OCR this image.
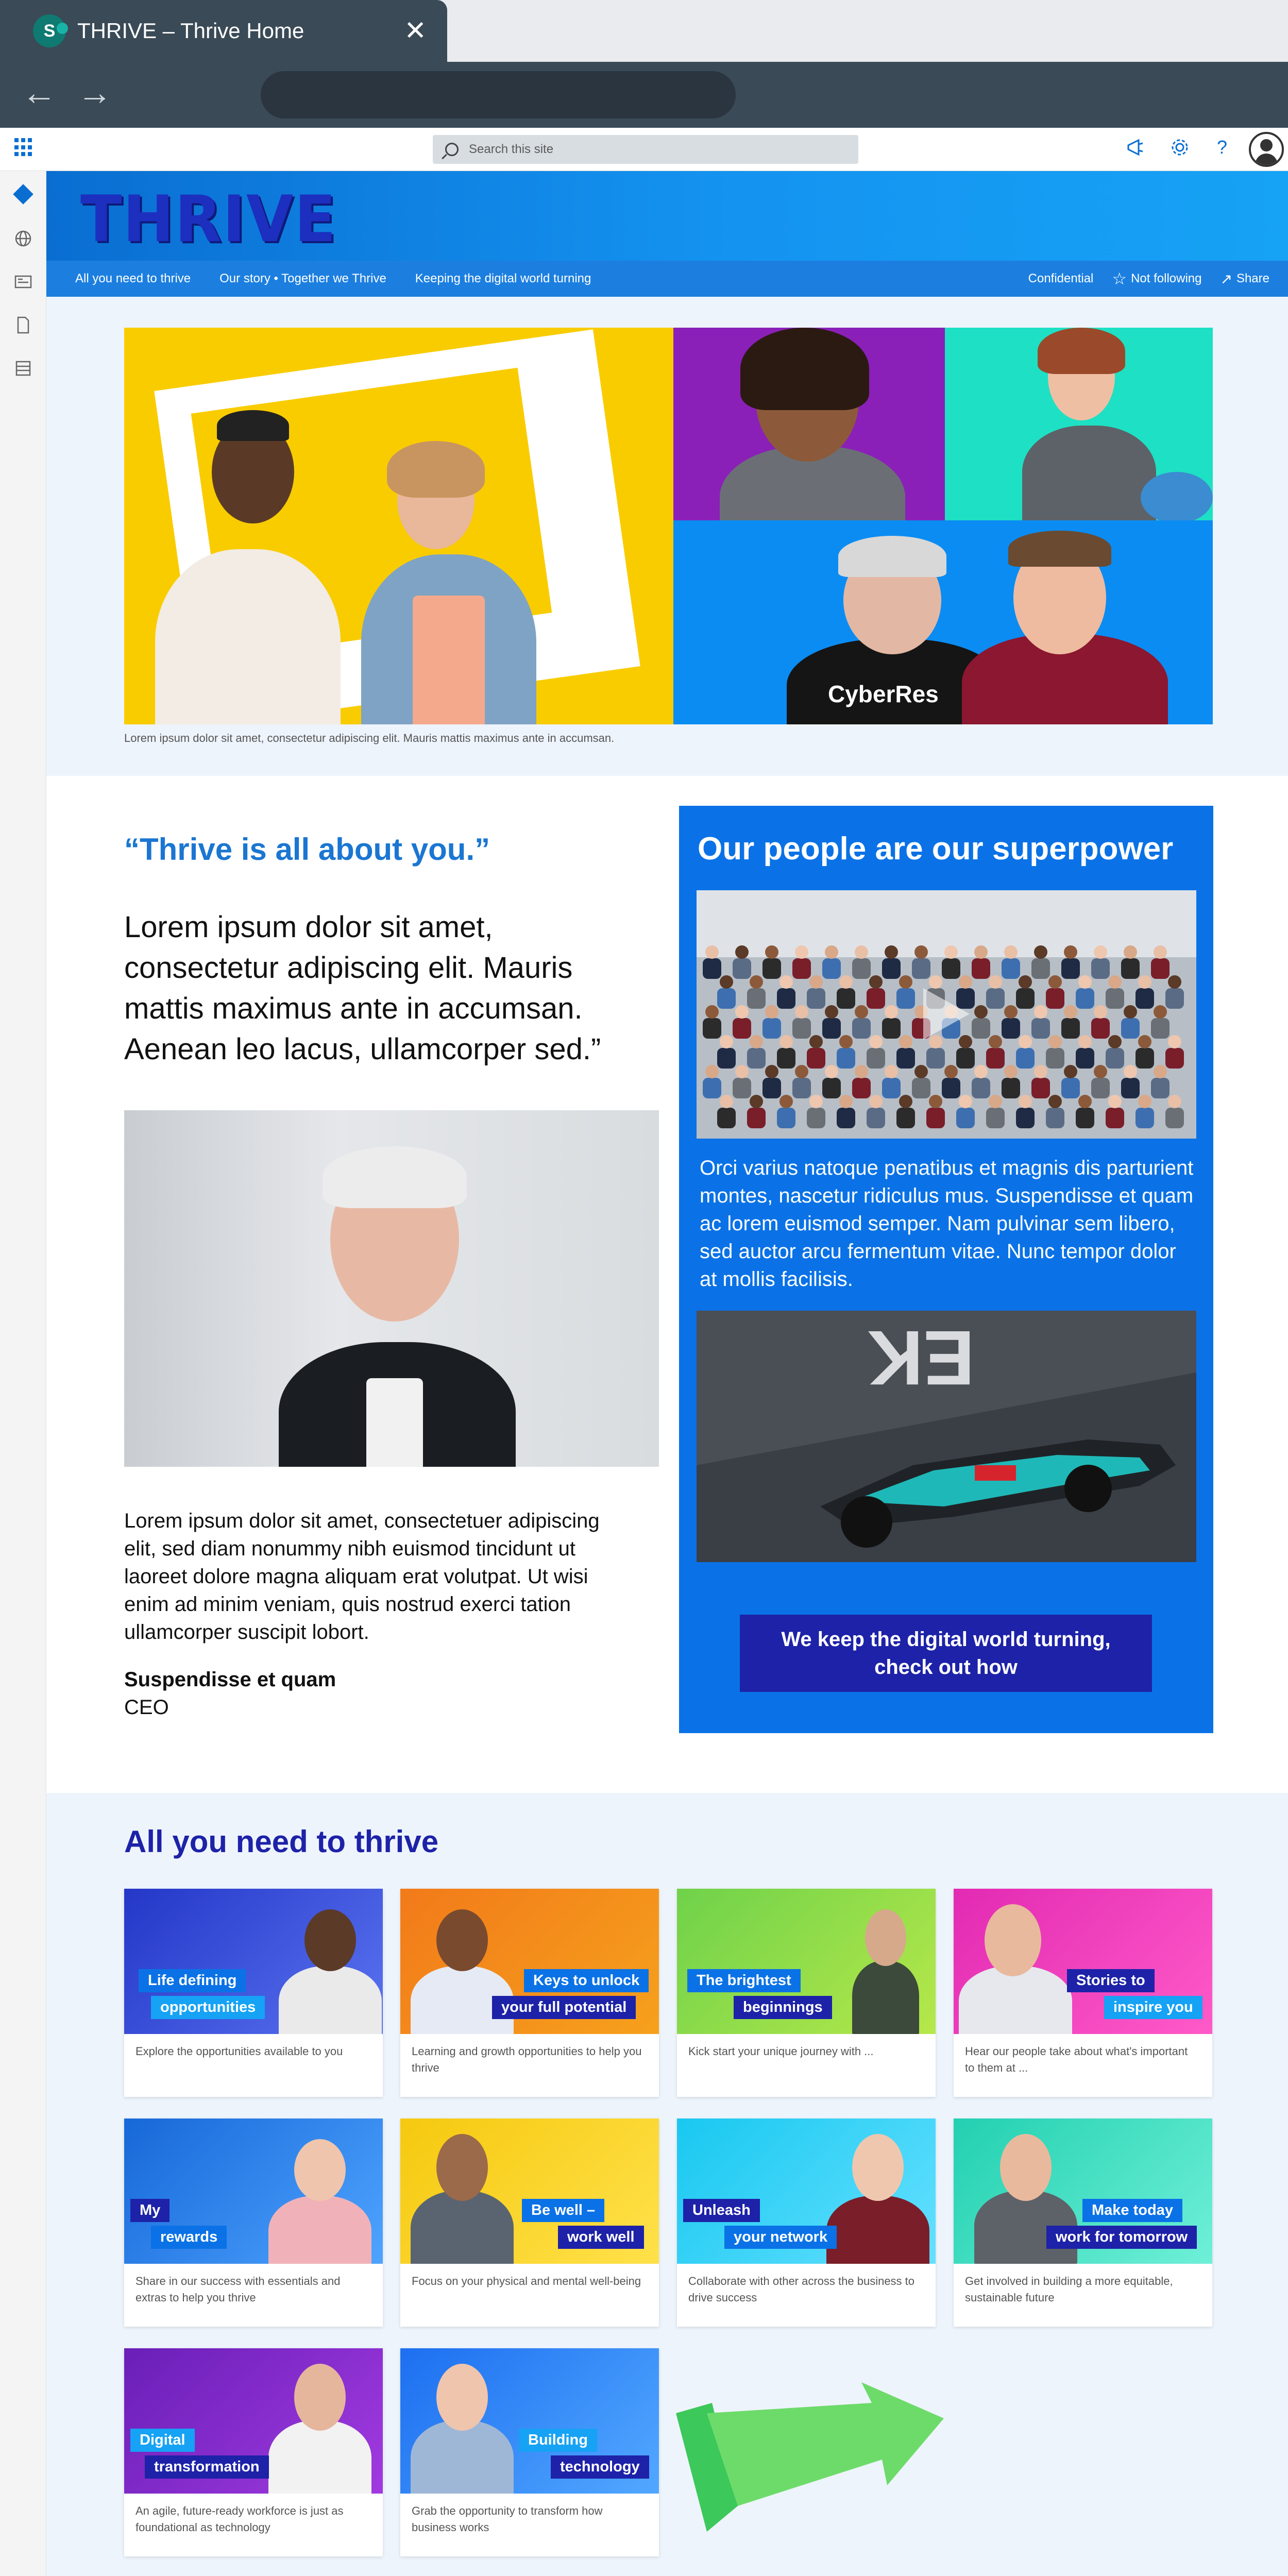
S	THRIVE – Thrive Home	✕
← →
Search this site	?
THRIVE
All you need to thrive Our story • Together we Thrive Keeping the digital world turning	Confidential ☆ Not following ↗ Share
CyberRes
Lorem ipsum dolor sit amet, consectetur adipiscing elit. Mauris mattis maximus ante in accumsan.
“Thrive is all about you.”
Lorem ipsum dolor sit amet, consectetur adipiscing elit. Mauris mattis maximus ante in accumsan. Aenean leo lacus, ullamcorper sed.”
Lorem ipsum dolor sit amet, consectetuer adipiscing elit, sed diam nonummy nibh euismod tincidunt ut laoreet dolore magna aliquam erat volutpat. Ut wisi enim ad minim veniam, quis nostrud exerci tation ullamcorper suscipit lobort.
Suspendisse et quam
CEO
Our people are our superpower
Orci varius natoque penatibus et magnis dis parturient montes, nascetur ridiculus mus. Suspendisse et quam ac lorem euismod semper. Nam pulvinar sem libero, sed auctor arcu fermentum vitae. Nunc tempor dolor at mollis facilisis.
EK
We keep the digital world turning, check out how
All you need to thrive
Life defining
opportunities
Explore the opportunities available to you
Keys to unlock
your full potential
Learning and growth opportunities to help you thrive
The brightest
beginnings
Kick start your unique journey with ...
Stories to
inspire you
Hear our people take about what's important to them at ...
My
rewards
Share in our success with essentials and extras to help you thrive
Be well –
work well
Focus on your physical and mental well-being
Unleash
your network
Collaborate with other across the business to drive success
Make today
work for tomorrow
Get involved in building a more equitable, sustainable future
Digital
transformation
An agile, future-ready workforce is just as foundational as technology
Building
technology
Grab the opportunity to transform how business works
